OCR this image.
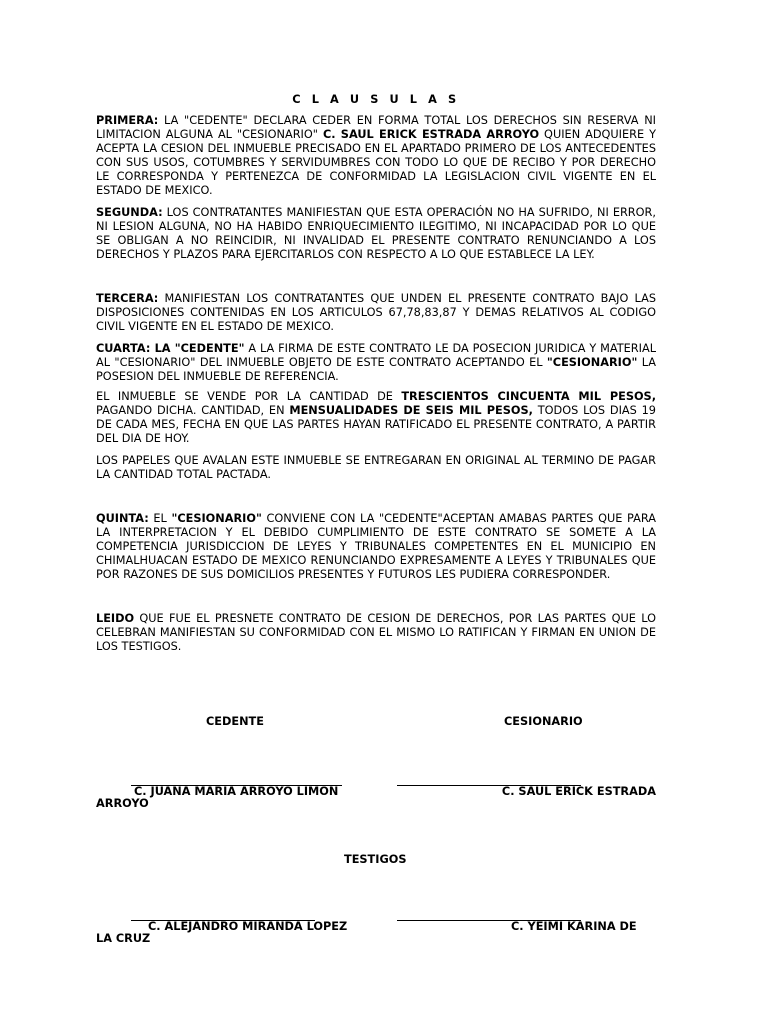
C L A U S U L A S

PRIMERA: LA "CEDENTE" DECLARA CEDER EN FORMA TOTAL LOS DERECHOS SIN RESERVA NI LIMITACION ALGUNA AL "CESIONARIO" C. SAUL ERICK ESTRADA ARROYO QUIEN ADQUIERE Y ACEPTA LA CESION DEL INMUEBLE PRECISADO EN EL APARTADO PRIMERO DE LOS ANTECEDENTES CON SUS USOS, COTUMBRES Y SERVIDUMBRES CON TODO LO QUE DE RECIBO Y POR DERECHO LE CORRESPONDA Y PERTENEZCA DE CONFORMIDAD LA LEGISLACION CIVIL VIGENTE EN EL ESTADO DE MEXICO.

SEGUNDA: LOS CONTRATANTES MANIFIESTAN QUE ESTA OPERACIÓN NO HA SUFRIDO, NI ERROR, NI LESION ALGUNA, NO HA HABIDO ENRIQUECIMIENTO ILEGITIMO, NI INCAPACIDAD POR LO QUE SE OBLIGAN A NO REINCIDIR, NI INVALIDAD EL PRESENTE CONTRATO RENUNCIANDO A LOS DERECHOS Y PLAZOS PARA EJERCITARLOS CON RESPECTO A LO QUE ESTABLECE LA LEY.

TERCERA: MANIFIESTAN LOS CONTRATANTES QUE UNDEN EL PRESENTE CONTRATO BAJO LAS DISPOSICIONES CONTENIDAS EN LOS ARTICULOS 67,78,83,87 Y DEMAS RELATIVOS AL CODIGO CIVIL VIGENTE EN EL ESTADO DE MEXICO.

CUARTA: LA "CEDENTE" A LA FIRMA DE ESTE CONTRATO LE DA POSECION JURIDICA Y MATERIAL AL "CESIONARIO" DEL INMUEBLE OBJETO DE ESTE CONTRATO ACEPTANDO EL "CESIONARIO" LA POSESION DEL INMUEBLE DE REFERENCIA.

EL INMUEBLE SE VENDE POR LA CANTIDAD DE TRESCIENTOS CINCUENTA MIL PESOS, PAGANDO DICHA. CANTIDAD, EN MENSUALIDADES DE SEIS MIL PESOS, TODOS LOS DIAS 19 DE CADA MES, FECHA EN QUE LAS PARTES HAYAN RATIFICADO EL PRESENTE CONTRATO, A PARTIR DEL DIA DE HOY.

LOS PAPELES QUE AVALAN ESTE INMUEBLE SE ENTREGARAN EN ORIGINAL AL TERMINO DE PAGAR LA CANTIDAD TOTAL PACTADA.

QUINTA: EL "CESIONARIO" CONVIENE CON LA "CEDENTE"ACEPTAN AMABAS PARTES QUE PARA LA INTERPRETACION Y EL DEBIDO CUMPLIMIENTO DE ESTE CONTRATO SE SOMETE A LA COMPETENCIA JURISDICCION DE LEYES Y TRIBUNALES COMPETENTES EN EL MUNICIPIO EN CHIMALHUACAN ESTADO DE MEXICO RENUNCIANDO EXPRESAMENTE A LEYES Y TRIBUNALES QUE POR RAZONES DE SUS DOMICILIOS PRESENTES Y FUTUROS LES PUDIERA CORRESPONDER.

LEIDO QUE FUE EL PRESNETE CONTRATO DE CESION DE DERECHOS, POR LAS PARTES QUE LO CELEBRAN MANIFIESTAN SU CONFORMIDAD CON EL MISMO LO RATIFICAN Y FIRMAN EN UNION DE LOS TESTIGOS.

CEDENTE	CESIONARIO
C. JUANA MARIA ARROYO LIMON	C. SAUL ERICK ESTRADA
ARROYO
TESTIGOS
C. ALEJANDRO MIRANDA LOPEZ	C. YEIMI KARINA DE
LA CRUZ
